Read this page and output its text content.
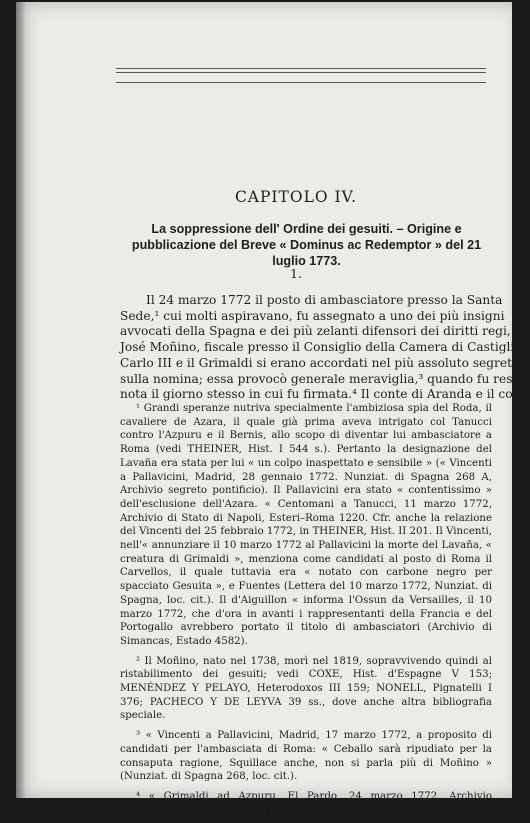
CAPITOLO IV.
La soppressione dell' Ordine dei gesuiti. – Origine e pubblicazione del Breve « Dominus ac Redemptor » del 21 luglio 1773.
1.
Il 24 marzo 1772 il posto di ambasciatore presso la Santa
Sede,¹ cui molti aspiravano, fu assegnato a uno dei più insigni
avvocati della Spagna e dei più zelanti difensori dei diritti regi,
José Moñino, fiscale presso il Consiglio della Camera di Castiglia.²
Carlo III e il Grimaldi si erano accordati nel più assoluto segreto
sulla nomina; essa provocò generale meraviglia,³ quando fu resa
nota il giorno stesso in cui fu firmata.⁴ Il conte di Aranda e il con-
¹ Grandi speranze nutriva specialmente l'ambiziosa spia del Roda, il cavaliere de Azara, il quale già prima aveva intrigato col Tanucci contro l'Azpuru e il Bernis, allo scopo di diventar lui ambasciatore a Roma (vedi THEINER, Hist. I 544 s.). Pertanto la designazione del Lavaña era stata per lui « un colpo inaspettato e sensibile » (« Vincenti a Pallavicini, Madrid, 28 gennaio 1772. Nunziat. di Spagna 268 A, Archivio segreto pontificio). Il Pallavicini era stato « contentissimo » dell'esclusione dell'Azara. « Centomani a Tanucci, 11 marzo 1772, Archivio di Stato di Napoli, Esteri–Roma 1220. Cfr. anche la relazione del Vincenti del 25 febbraio 1772, in THEINER, Hist. II 201. Il Vincenti, nell'« annunziare il 10 marzo 1772 al Pallavicini la morte del Lavaña, « creatura di Grimaldi », menziona come candidati al posto di Roma il Carvellos, il quale tuttavia era « notato con carbone negro per spacciato Gesuita », e Fuentes (Lettera del 10 marzo 1772, Nunziat. di Spagna, loc. cit.). Il d'Aiguillon « informa l'Ossun da Versailles, il 10 marzo 1772, che d'ora in avanti i rappresentanti della Francia e del Portogallo avrebbero portato il titolo di ambasciatori (Archivio di Simancas, Estado 4582).
² Il Moñino, nato nel 1738, morì nel 1819, sopravvivendo quindi al ristabilimento dei gesuiti; vedi COXE, Hist. d'Espagne V 153; MENÉNDEZ Y PELAYO, Heterodoxos III 159; NONELL, Pignatelli I 376; PACHECO Y DE LEYVA 39 ss., dove anche altra bibliografia speciale.
³ « Vincenti a Pallavicini, Madrid, 17 marzo 1772, a proposito di candidati per l'ambasciata di Roma: « Ceballo sarà ripudiato per la consaputa ragione, Squillace anche, non si parla più di Moñino » (Nunziat. di Spagna 268, loc. cit.).
⁴ « Grimaldi ad Azpuru, El Pardo, 24 marzo 1772, Archivio dell'Ambasciata di Spagna a Roma.
